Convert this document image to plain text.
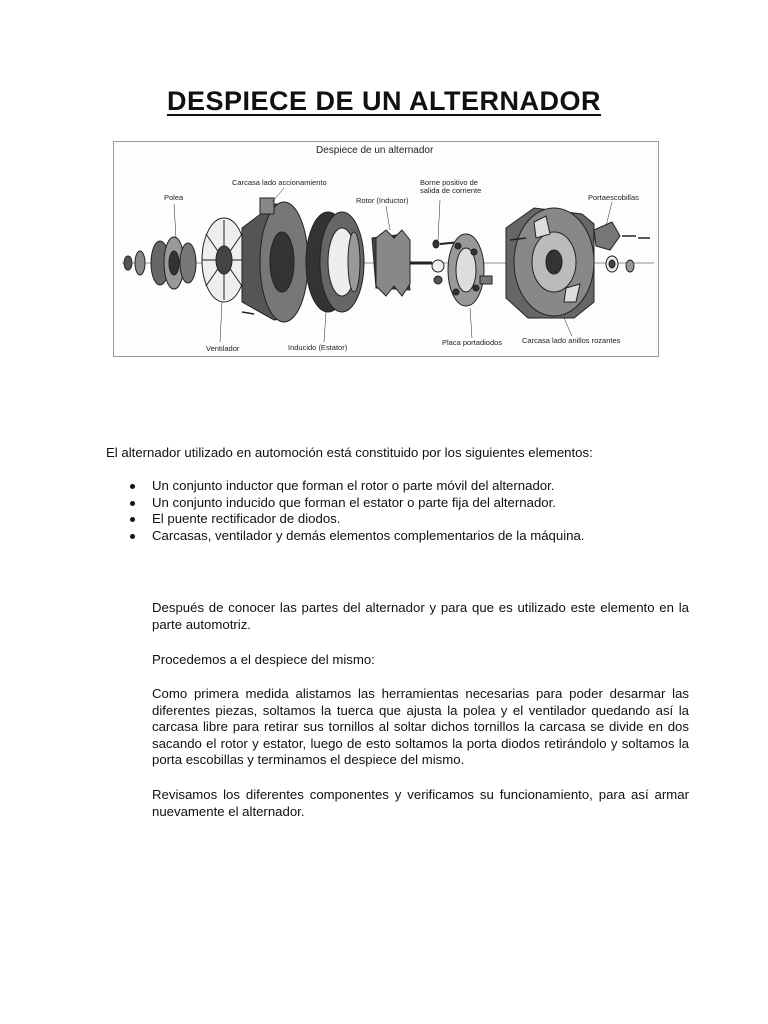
DESPIECE DE UN ALTERNADOR
Despiece de un alternador
Polea
Carcasa lado accionamiento
Rotor (Inductor)
Borne positivo de
salida de corriente
Portaescobillas
Ventilador	Inducido (Estator)
Placa portadiodos	Carcasa lado anillos rozantes
El alternador utilizado en automoción está constituido por los siguientes elementos:
Un conjunto inductor que forman el rotor o parte móvil del alternador.
Un conjunto inducido que forman el estator o parte fija del alternador.
El puente rectificador de diodos.
Carcasas, ventilador y demás elementos complementarios de la máquina.

Después de conocer las partes del alternador y para que es utilizado este elemento en la parte automotriz.

Procedemos a el despiece del mismo:

Como primera medida alistamos las herramientas necesarias para poder desarmar las diferentes piezas, soltamos la tuerca que ajusta la polea y el ventilador quedando así la carcasa libre para retirar sus tornillos al soltar dichos tornillos la carcasa se divide en dos sacando el rotor y estator, luego de esto soltamos la porta diodos retirándolo y soltamos la porta escobillas y terminamos el despiece del mismo.

Revisamos los diferentes componentes y verificamos su funcionamiento, para así armar nuevamente el alternador.
